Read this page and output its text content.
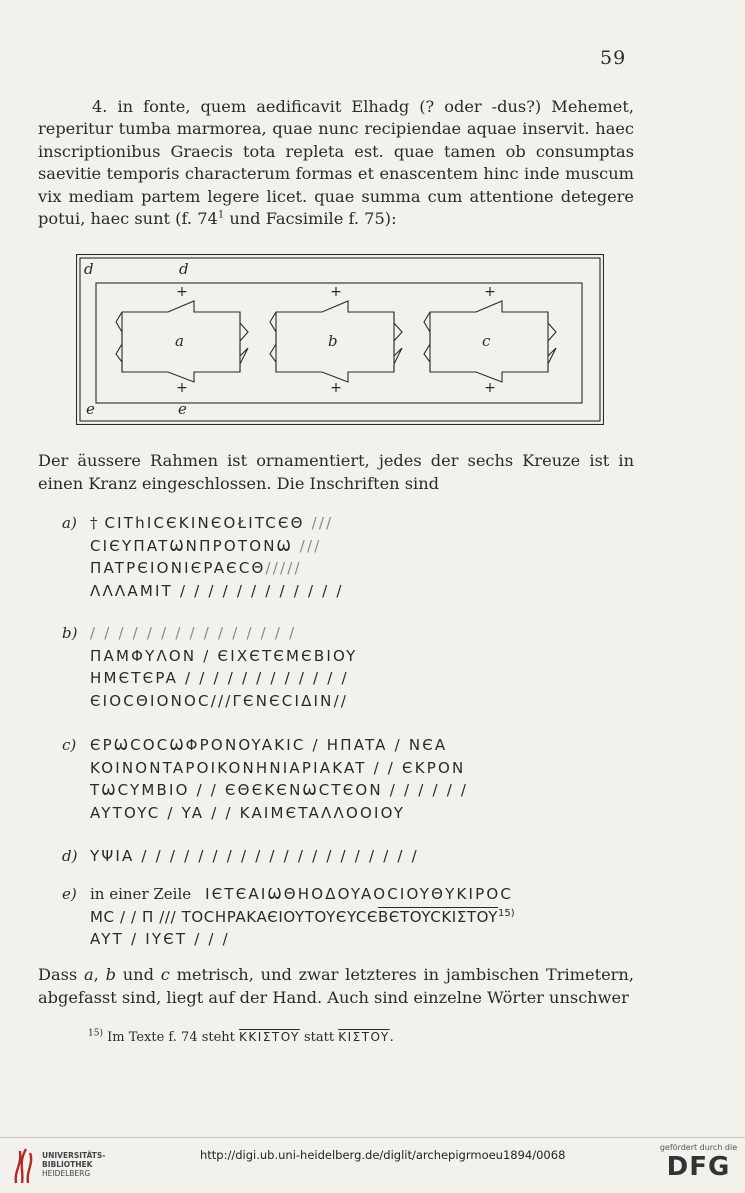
59

4. in fonte, quem aedificavit Elhadg (? oder -dus?) Mehemet, reperitur tumba marmorea, quae nunc recipiendae aquae inservit. haec inscriptionibus Graecis tota repleta est. quae tamen ob consumptas saevitie temporis characterum formas et enascentem hinc inde muscum vix mediam partem legere licet. quae summa cum attentione detegere potui, haec sunt (f. 74$^1$ und Facsimile f. 75):

d	d
e	e
a	b	c
+	+	+
+	+	+

Der äussere Rahmen ist ornamentiert, jedes der sechs Kreuze ist in einen Kranz eingeschlossen. Die Inschriften sind

a) † CIThICЄKINЄOŁITCЄΘ ///
CIЄYΠATѠNΠPOTONѠ ///
ΠATPЄIONIЄPAЄCΘ/////
ΛΛΛAMIT / / / / / / / / / / / /
b) / / / / / / / / / / / / / / /
ΠAMΦYΛON / ЄIXЄTЄMЄBIOY
HMЄTЄPA / / / / / / / / / / / /
ЄIOCΘIONOC///ΓЄNЄCIΔIN//
c) ЄPѠCOCѠΦPONOYAKIC / HΠATA / NЄA
KOINONTAPOIKONHNIAPIAKAT / / ЄKPON
TѠCYMBIO / / ЄΘЄKЄNѠCTЄON / / / / / /
AYTOYC / YA / / KAIMЄTAΛΛOOIOY
d) YΨIA / / / / / / / / / / / / / / / / / / / /
e) in einer Zeile IЄTЄAIѠΘHOΔOYAOCIOYΘYKIPOC
MC / / Π /// TOCHPAKAЄIOYTOYЄYCЄBЄTOYCKIΣTOY$^{15)}$
AYT / IYЄT / / /

Dass a, b und c metrisch, und zwar letzteres in jambischen Trimetern, abgefasst sind, liegt auf der Hand. Auch sind einzelne Wörter unschwer

$^{15)}$ Im Texte f. 74 steht KKIΣTOY statt KIΣTOY.
UNIVERSITÄTS-
BIBLIOTHEK
HEIDELBERG
http://digi.ub.uni-heidelberg.de/diglit/archepigrmoeu1894/0068
gefördert durch die
DFG
